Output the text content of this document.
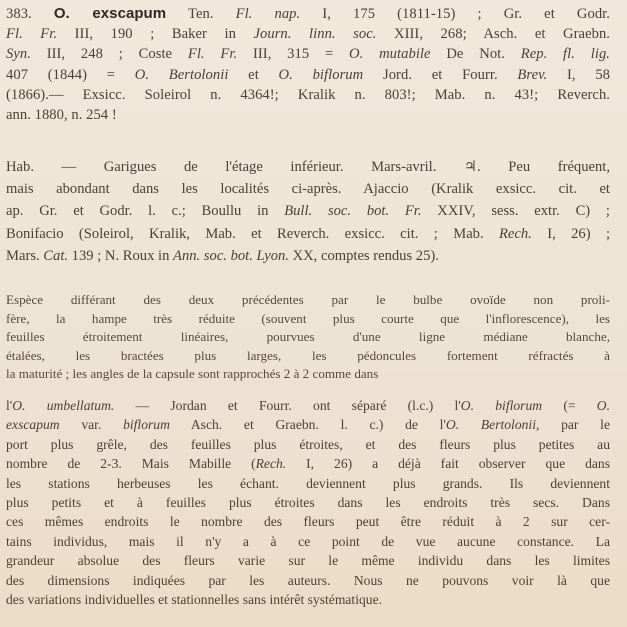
383. O. exscapum Ten. Fl. nap. I, 175 (1811-15) ; Gr. et Godr.
Fl. Fr. III, 190 ; Baker in Journ. linn. soc. XIII, 268; Asch. et Graebn.
Syn. III, 248 ; Coste Fl. Fr. III, 315 = O. mutabile De Not. Rep. fl. lig.
407 (1844) = O. Bertolonii et O. biflorum Jord. et Fourr. Brev. I, 58
(1866).— Exsicc. Soleirol n. 4364!; Kralik n. 803!; Mab. n. 43!; Reverch.
ann. 1880, n. 254 !
Hab. — Garigues de l'étage inférieur. Mars-avril. ♃. Peu fréquent,
mais abondant dans les localités ci-après. Ajaccio (Kralik exsicc. cit. et
ap. Gr. et Godr. l. c.; Boullu in Bull. soc. bot. Fr. XXIV, sess. extr. C) ;
Bonifacio (Soleirol, Kralik, Mab. et Reverch. exsicc. cit. ; Mab. Rech. I, 26) ;
Mars. Cat. 139 ; N. Roux in Ann. soc. bot. Lyon. XX, comptes rendus 25).
Espèce différant des deux précédentes par le bulbe ovoïde non proli-
fère, la hampe très réduite (souvent plus courte que l'inflorescence), les
feuilles étroitement linéaires, pourvues d'une ligne médiane blanche,
étalées, les bractées plus larges, les pédoncules fortement réfractés à
la maturité ; les angles de la capsule sont rapprochés 2 à 2 comme dans
l'O. umbellatum. — Jordan et Fourr. ont séparé (l.c.) l'O. biflorum (= O.
exscapum var. biflorum Asch. et Graebn. l. c.) de l'O. Bertolonii, par le
port plus grêle, des feuilles plus étroites, et des fleurs plus petites au
nombre de 2-3. Mais Mabille (Rech. I, 26) a déjà fait observer que dans
les stations herbeuses les échant. deviennent plus grands. Ils deviennent
plus petits et à feuilles plus étroites dans les endroits très secs. Dans
ces mêmes endroits le nombre des fleurs peut être réduit à 2 sur cer-
tains individus, mais il n'y a à ce point de vue aucune constance. La
grandeur absolue des fleurs varie sur le même individu dans les limites
des dimensions indiquées par les auteurs. Nous ne pouvons voir là que
des variations individuelles et stationnelles sans intérêt systématique.
